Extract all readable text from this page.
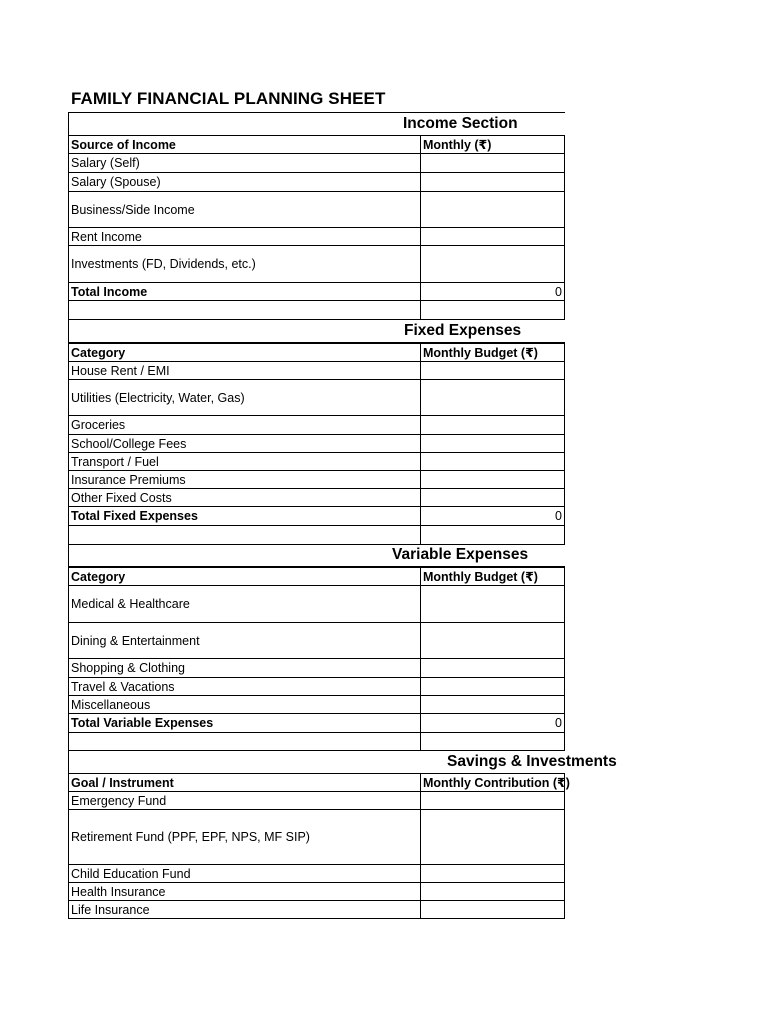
FAMILY FINANCIAL PLANNING SHEET
Income Section
Source of Income	Monthly (₹)
Salary (Self)
Salary (Spouse)
Business/Side Income
Rent Income
Investments (FD, Dividends, etc.)
Total Income	0
Fixed Expenses
Category	Monthly Budget (₹)
House Rent / EMI
Utilities (Electricity, Water, Gas)
Groceries
School/College Fees
Transport / Fuel
Insurance Premiums
Other Fixed Costs
Total Fixed Expenses	0
Variable Expenses
Category	Monthly Budget (₹)
Medical & Healthcare
Dining & Entertainment
Shopping & Clothing
Travel & Vacations
Miscellaneous
Total Variable Expenses	0
Savings & Investments
Goal / Instrument	Monthly Contribution (₹)
Emergency Fund
Retirement Fund (PPF, EPF, NPS, MF SIP)
Child Education Fund
Health Insurance
Life Insurance
